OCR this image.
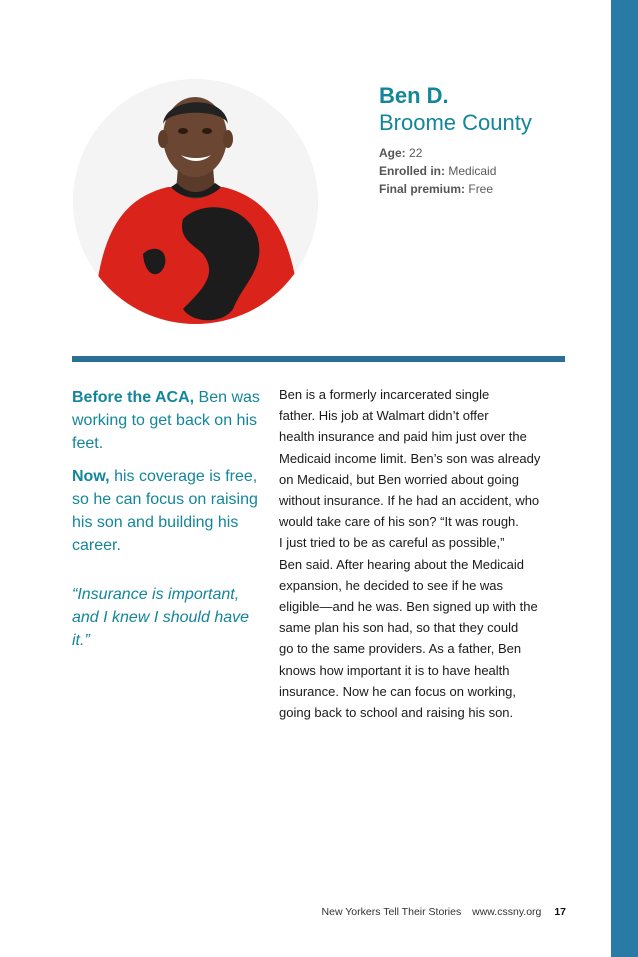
Ben D.
Broome County
Age: 22
Enrolled in: Medicaid
Final premium: Free

Before the ACA, Ben was working to get back on his feet.

Now, his coverage is free, so he can focus on raising his son and building his career.

“Insurance is important, and I knew I should have it.”
Ben is a formerly incarcerated single
father. His job at Walmart didn’t offer
health insurance and paid him just over the
Medicaid income limit. Ben’s son was already
on Medicaid, but Ben worried about going
without insurance. If he had an accident, who
would take care of his son? “It was rough.
I just tried to be as careful as possible,”
Ben said. After hearing about the Medicaid
expansion, he decided to see if he was
eligible—and he was. Ben signed up with the
same plan his son had, so that they could
go to the same providers. As a father, Ben
knows how important it is to have health
insurance. Now he can focus on working,
going back to school and raising his son.
New Yorkers Tell Their Stories www.cssny.org 17
